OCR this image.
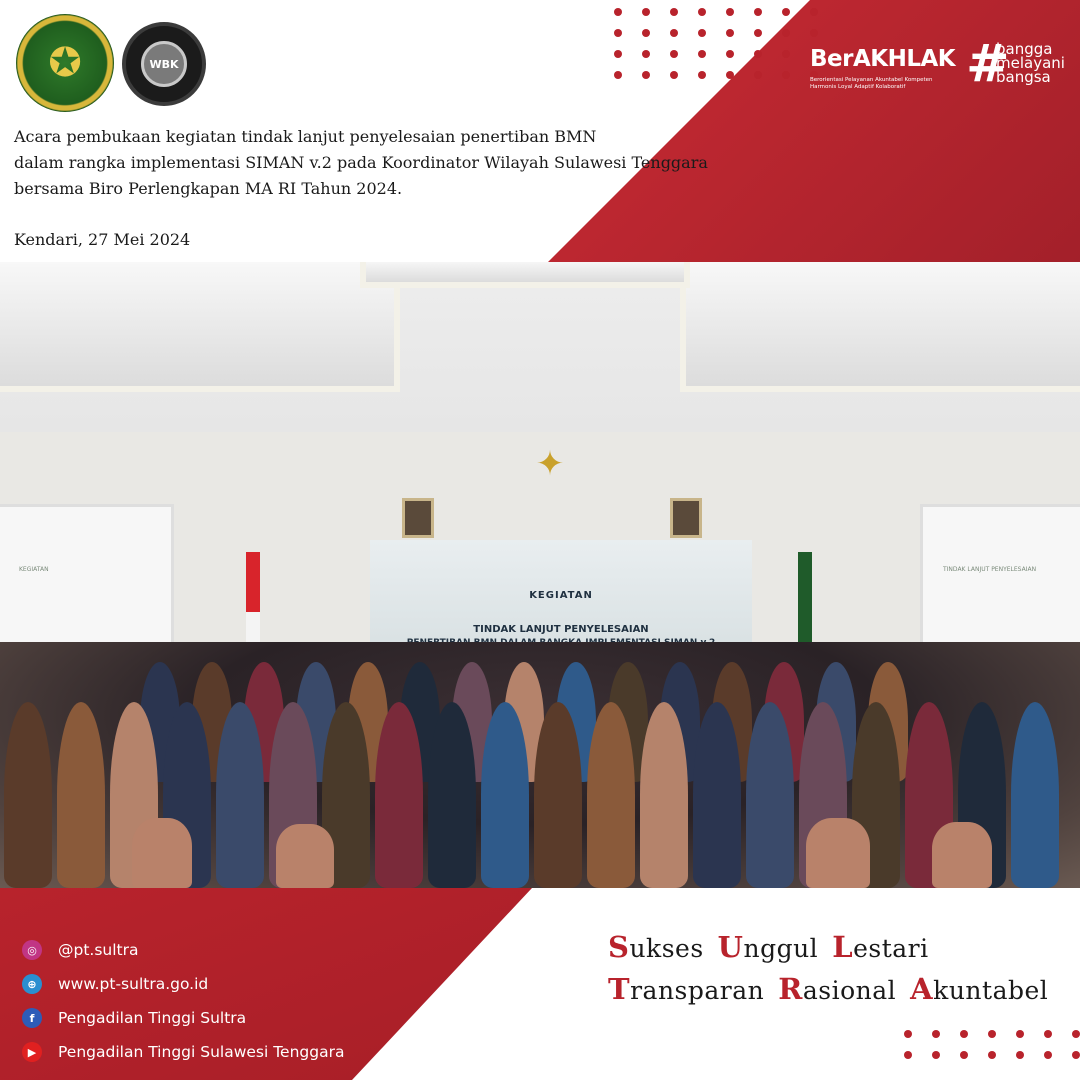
✪	WBK	BerAKHLAK
Berorientasi Pelayanan Akuntabel Kompeten Harmonis Loyal Adaptif Kolaboratif	#
bangga
melayani
bangsa
Acara pembukaan kegiatan tindak lanjut penyelesaian penertiban BMN
dalam rangka implementasi SIMAN v.2 pada Koordinator Wilayah Sulawesi Tenggara
bersama Biro Perlengkapan MA RI Tahun 2024.
Kendari, 27 Mei 2024
KEGIATAN	TINDAK LANJUT PENYELESAIAN
✦
KEGIATAN
TINDAK LANJUT PENYELESAIAN
◎	@pt.sultra
⊕	www.pt-sultra.go.id
f	Pengadilan Tinggi Sultra
▶	Pengadilan Tinggi Sulawesi Tenggara
Sukses Unggul Lestari
Transparan Rasional Akuntabel
